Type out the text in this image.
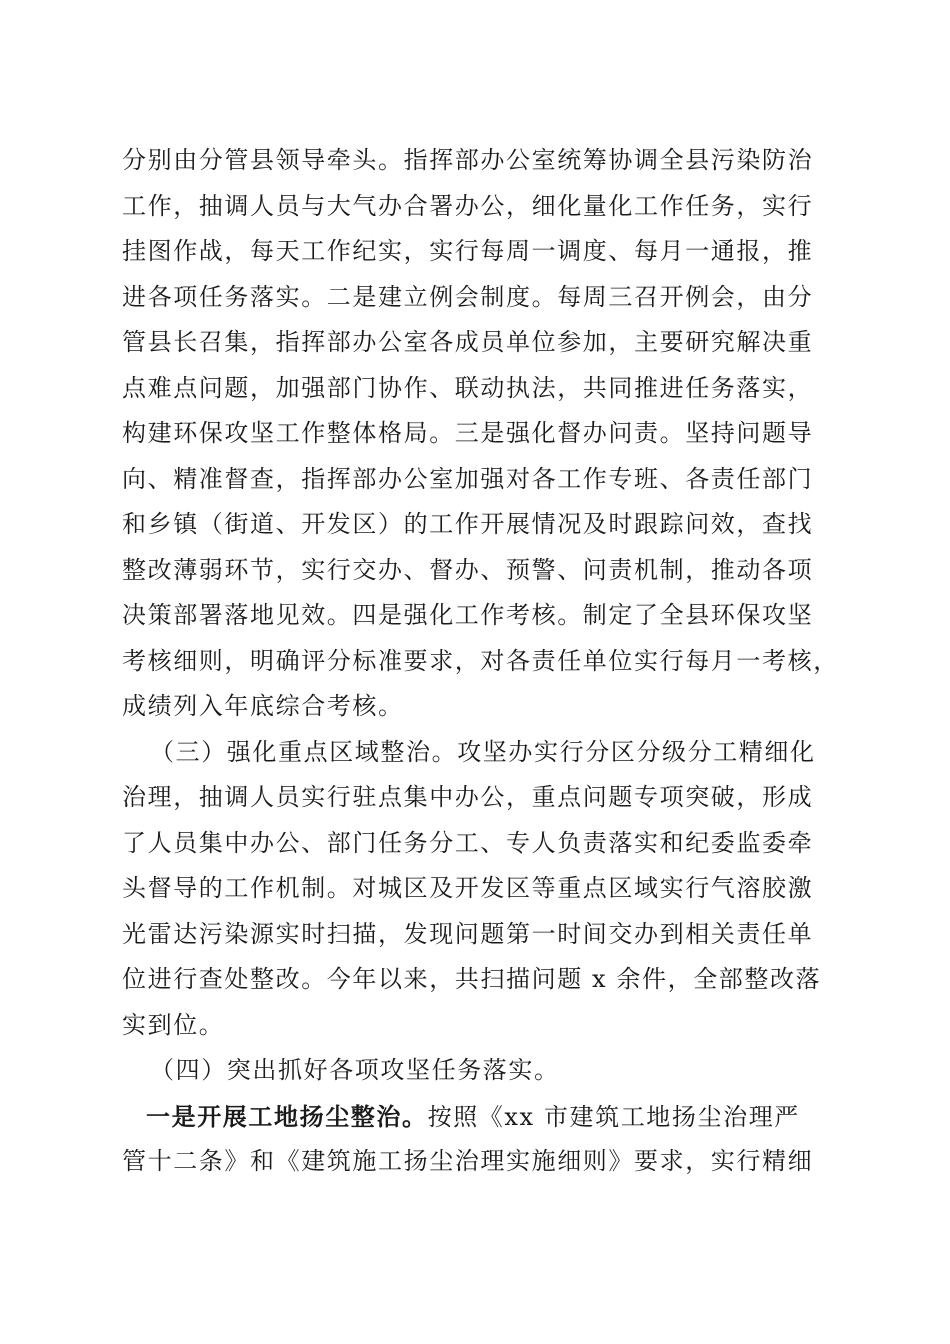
分别由分管县领导牵头。指挥部办公室统筹协调全县污染防治
工作，抽调人员与大气办合署办公，细化量化工作任务，实行
挂图作战，每天工作纪实，实行每周一调度、每月一通报，推
进各项任务落实。二是建立例会制度。每周三召开例会，由分
管县长召集，指挥部办公室各成员单位参加，主要研究解决重
点难点问题，加强部门协作、联动执法，共同推进任务落实，
构建环保攻坚工作整体格局。三是强化督办问责。坚持问题导
向、精准督查，指挥部办公室加强对各工作专班、各责任部门
和乡镇（街道、开发区）的工作开展情况及时跟踪问效，查找
整改薄弱环节，实行交办、督办、预警、问责机制，推动各项
决策部署落地见效。四是强化工作考核。制定了全县环保攻坚
考核细则，明确评分标准要求，对各责任单位实行每月一考核，
成绩列入年底综合考核。
（三）强化重点区域整治。攻坚办实行分区分级分工精细化
治理，抽调人员实行驻点集中办公，重点问题专项突破，形成
了人员集中办公、部门任务分工、专人负责落实和纪委监委牵
头督导的工作机制。对城区及开发区等重点区域实行气溶胶激
光雷达污染源实时扫描，发现问题第一时间交办到相关责任单
位进行查处整改。今年以来，共扫描问题 x 余件，全部整改落
实到位。
（四）突出抓好各项攻坚任务落实。
一是开展工地扬尘整治。按照《xx 市建筑工地扬尘治理严
管十二条》和《建筑施工扬尘治理实施细则》要求，实行精细
